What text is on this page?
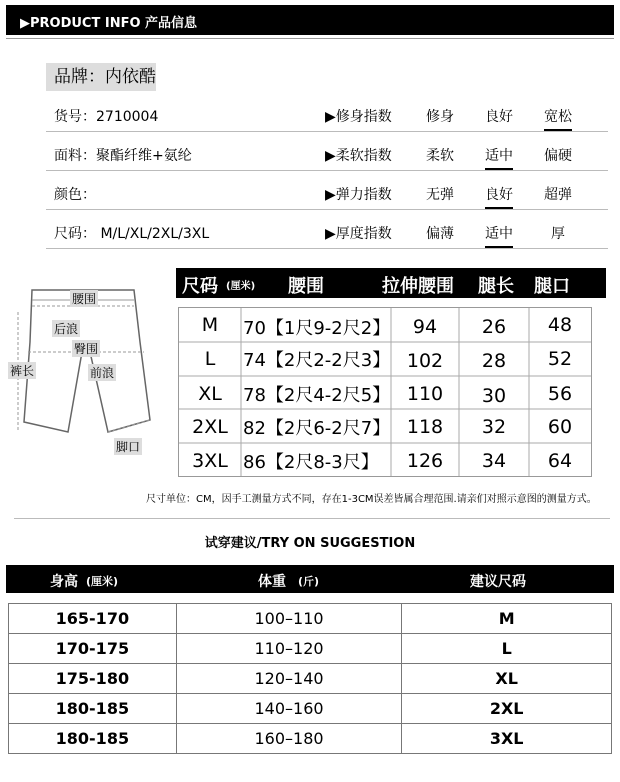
▶PRODUCT INFO 产品信息
品牌：内依酷
货号：2710004	▶修身指数 修身 良好 宽松
面料：聚酯纤维+氨纶	▶柔软指数 柔软 适中 偏硬
颜色：	▶弹力指数 无弹 良好 超弹
尺码： M/L/XL/2XL/3XL	▶厚度指数 偏薄 适中	厚
腰围
后浪
臀围
裤长	前浪
脚口
尺码 (厘米) 腰围	拉伸腰围 腿长 腿口
M	70【1尺9-2尺2】	94	26	48
L	74【2尺2-2尺3】 102	28	52
XL	78【2尺4-2尺5】 110	30	56
2XL 82【2尺6-2尺7】 118	32	60
3XL 86【2尺8-3尺】	126	34	64
尺寸单位：CM，因手工测量方式不同，存在1-3CM误差皆属合理范围.请亲们对照示意图的测量方式。
试穿建议/TRY ON SUGGESTION
身高 (厘米)	体重 (斤)	建议尺码
165-170	100–110	M
170-175	110–120	L
175-180	120–140	XL
180-185	140–160	2XL
180-185	160–180	3XL
